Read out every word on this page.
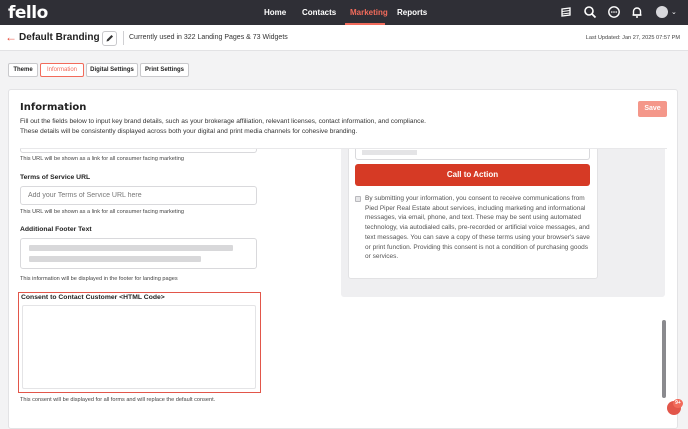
fello	Home Contacts Marketing Reports	⌄
← Default Branding	Currently used in 322 Landing Pages & 73 Widgets	Last Updated: Jan 27, 2025 07:57 PM
Theme	Information	Digital Settings	Print Settings
Information
Fill out the fields below to input key brand details, such as your brokerage affiliation, relevant licenses, contact information, and compliance.
These details will be consistently displayed across both your digital and print media channels for cohesive branding.
Save
This URL will be shown as a link for all consumer facing marketing
Terms of Service URL
Add your Terms of Service URL here
This URL will be shown as a link for all consumer facing marketing
Additional Footer Text
This information will be displayed in the footer for landing pages
Consent to Contact Customer <HTML Code>
This consent will be displayed for all forms and will replace the default consent.
Call to Action
By submitting your information, you consent to receive communications from Pied Piper Real Estate about services, including marketing and informational messages, via email, phone, and text. These may be sent using automated technology, via autodialed calls, pre-recorded or artificial voice messages, and text messages. You can save a copy of these terms using your browser's save or print function. Providing this consent is not a condition of purchasing goods or services.
9+
